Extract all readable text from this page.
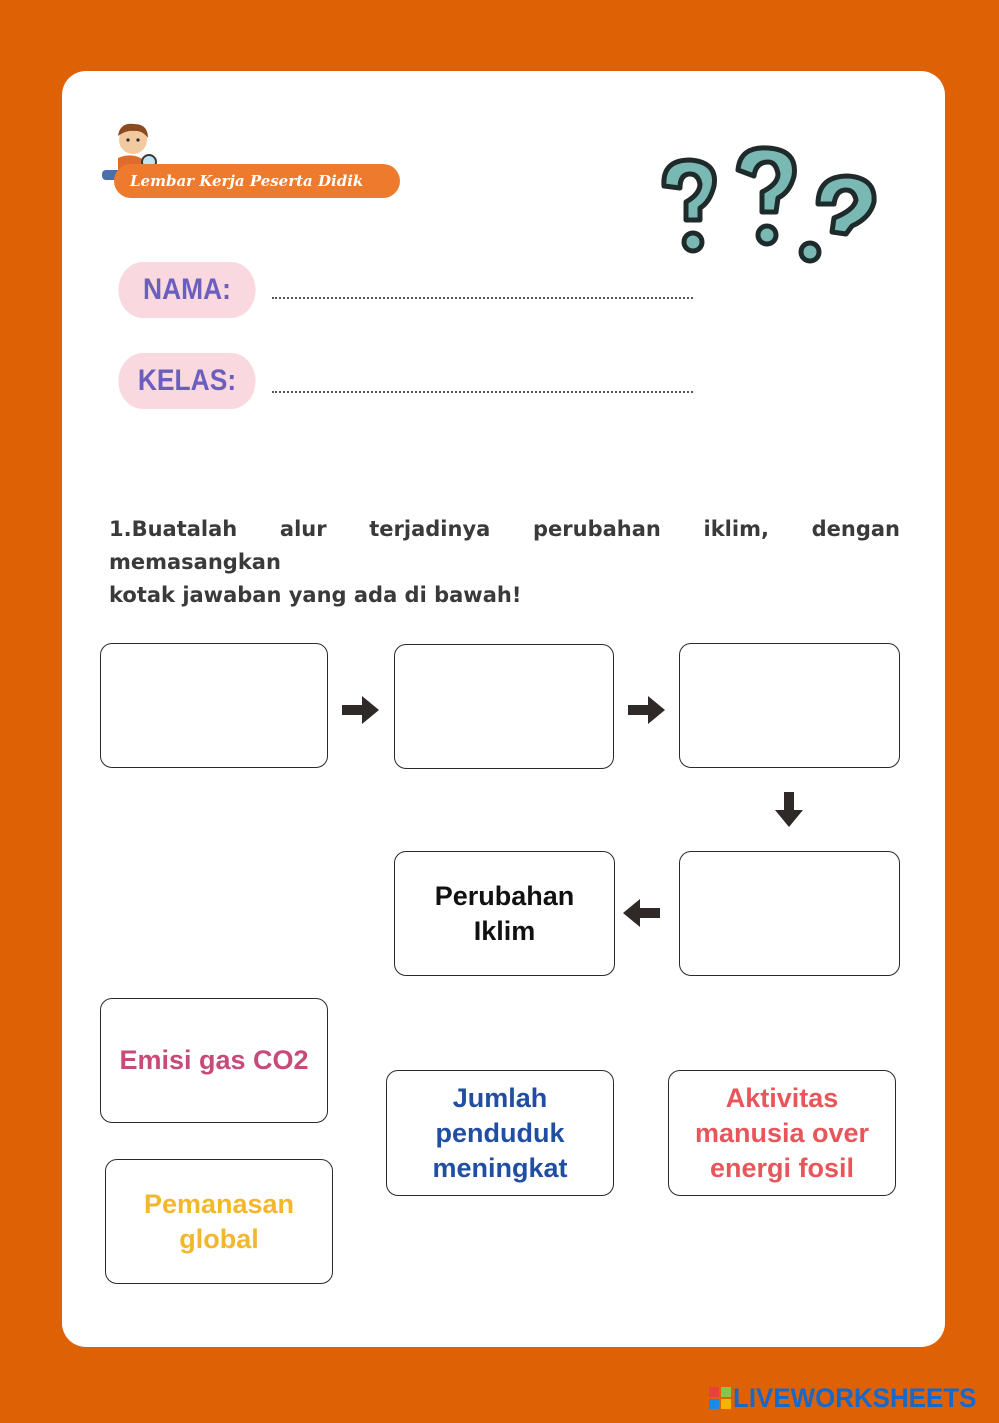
Lembar Kerja Peserta Didik
NAMA:
KELAS:
1.Buatalah alur terjadinya perubahan iklim, dengan memasangkan
kotak jawaban yang ada di bawah!
Perubahan
Iklim
Emisi gas CO2
Pemanasan
global
Jumlah
penduduk
meningkat
Aktivitas
manusia over
energi fosil
LIVEWORKSHEETS
